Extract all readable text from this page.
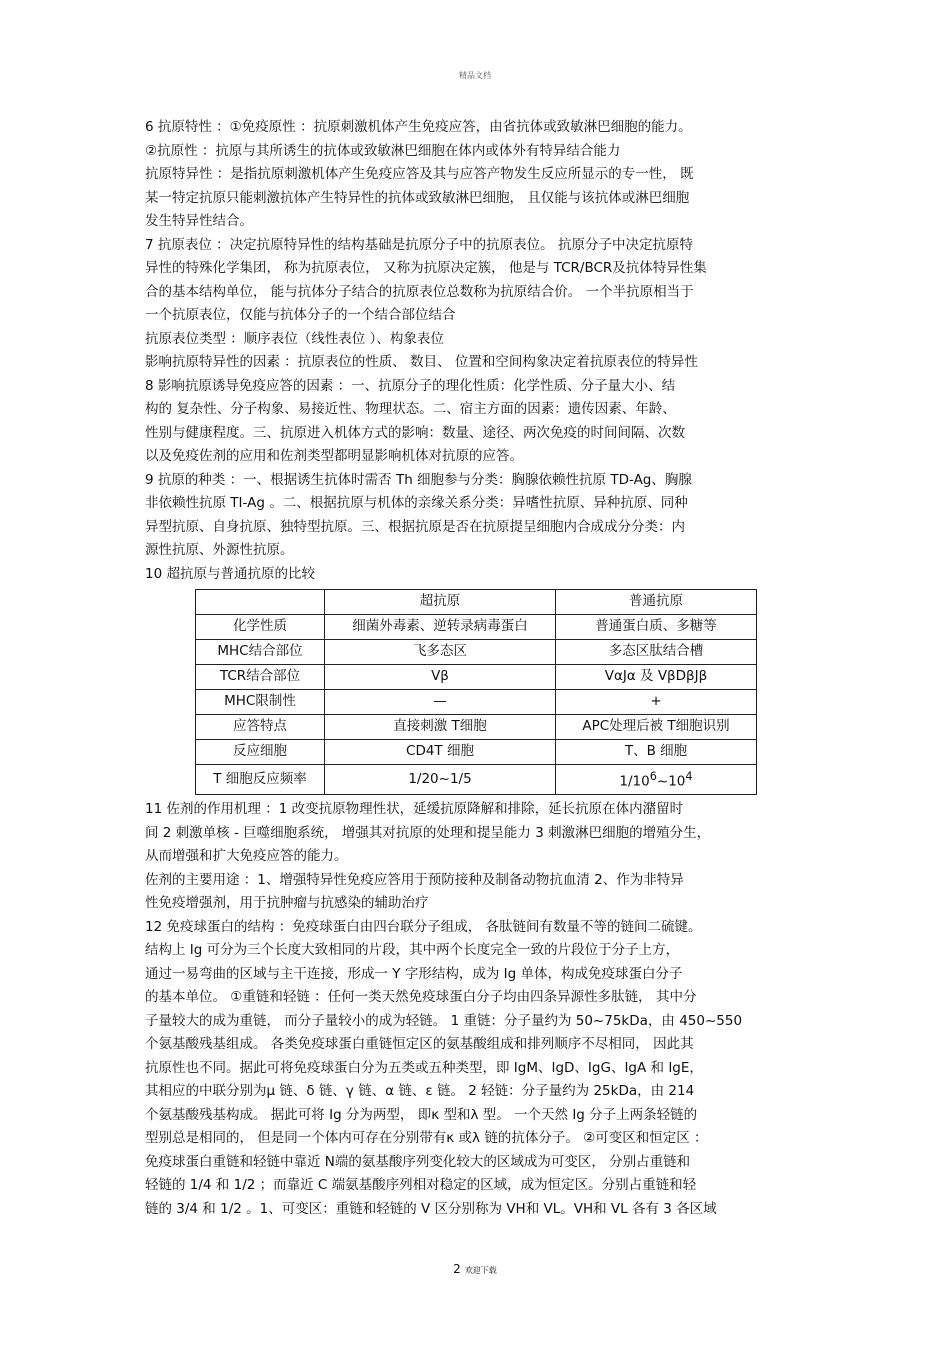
精品文档

6 抗原特性 ：①免疫原性 ：抗原刺激机体产生免疫应答，由省抗体或致敏淋巴细胞的能力。

②抗原性 ：抗原与其所诱生的抗体或致敏淋巴细胞在体内或体外有特异结合能力

抗原特异性 ：是指抗原刺激机体产生免疫应答及其与应答产物发生反应所显示的专一性， 既

某一特定抗原只能刺激抗体产生特异性的抗体或致敏淋巴细胞， 且仅能与该抗体或淋巴细胞

发生特异性结合。

7 抗原表位 ：决定抗原特异性的结构基础是抗原分子中的抗原表位。 抗原分子中决定抗原特

异性的特殊化学集团， 称为抗原表位， 又称为抗原决定簇， 他是与 TCR/BCR及抗体特异性集

合的基本结构单位， 能与抗体分子结合的抗原表位总数称为抗原结合价。 一个半抗原相当于

一个抗原表位，仅能与抗体分子的一个结合部位结合

抗原表位类型 ：顺序表位（线性表位 ）、构象表位

影响抗原特异性的因素 ：抗原表位的性质、 数目、 位置和空间构象决定着抗原表位的特异性

8 影响抗原诱导免疫应答的因素 ：一、抗原分子的理化性质：化学性质、分子量大小、结

构的 复杂性、分子构象、易接近性、物理状态。二、宿主方面的因素：遗传因素、年龄、

性别与健康程度。三、抗原进入机体方式的影响：数量、途径、两次免疫的时间间隔、次数

以及免疫佐剂的应用和佐剂类型都明显影响机体对抗原的应答。

9 抗原的种类 ：一、根据诱生抗体时需否 Th 细胞参与分类：胸腺依赖性抗原 TD-Ag、胸腺

非依赖性抗原 TI-Ag 。二、根据抗原与机体的亲缘关系分类：异嗜性抗原、异种抗原、同种

异型抗原、自身抗原、独特型抗原。三、根据抗原是否在抗原提呈细胞内合成成分分类：内

源性抗原、外源性抗原。

10 超抗原与普通抗原的比较

	超抗原	普通抗原
化学性质	细菌外毒素、逆转录病毒蛋白	普通蛋白质、多糖等
MHC结合部位	飞多态区	多态区肽结合槽
TCR结合部位	Vβ	VαJα 及 VβDβJβ
MHC限制性	—	+
应答特点	直接刺激 T细胞	APC处理后被 T细胞识别
反应细胞	CD4T 细胞	T、B 细胞
T 细胞反应频率	1/20~1/5	$1/10^6\sim 10^4$

11 佐剂的作用机理 ：1 改变抗原物理性状，延缓抗原降解和排除，延长抗原在体内潴留时

间 2 刺激单核 - 巨噬细胞系统， 增强其对抗原的处理和提呈能力 3 刺激淋巴细胞的增殖分生，

从而增强和扩大免疫应答的能力。

佐剂的主要用途 ：1、增强特异性免疫应答用于预防接种及制备动物抗血清 2、作为非特异

性免疫增强剂，用于抗肿瘤与抗感染的辅助治疗

12 免疫球蛋白的结构 ：免疫球蛋白由四台联分子组成， 各肽链间有数量不等的链间二硫键。

结构上 Ig 可分为三个长度大致相同的片段，其中两个长度完全一致的片段位于分子上方，

通过一易弯曲的区域与主干连接，形成一 Y 字形结构，成为 Ig 单体，构成免疫球蛋白分子

的基本单位。 ①重链和轻链 ：任何一类天然免疫球蛋白分子均由四条异源性多肽链， 其中分

子量较大的成为重链， 而分子量较小的成为轻链。 1 重链：分子量约为 50~75kDa，由 450~550

个氨基酸残基组成。 各类免疫球蛋白重链恒定区的氨基酸组成和排列顺序不尽相同， 因此其

抗原性也不同。据此可将免疫球蛋白分为五类或五种类型，即 IgM、IgD、IgG、IgA 和 IgE，

其相应的中联分别为μ 链、δ 链、γ 链、α 链、ε 链。 2 轻链：分子量约为 25kDa，由 214

个氨基酸残基构成。 据此可将 Ig 分为两型， 即κ 型和λ 型。 一个天然 Ig 分子上两条轻链的

型别总是相同的， 但是同一个体内可存在分别带有κ 或λ 链的抗体分子。 ②可变区和恒定区 ：

免疫球蛋白重链和轻链中靠近 N端的氨基酸序列变化较大的区域成为可变区， 分别占重链和

轻链的 1/4 和 1/2 ；而靠近 C 端氨基酸序列相对稳定的区域，成为恒定区。分别占重链和轻

链的 3/4 和 1/2 。1、可变区：重链和轻链的 V 区分别称为 VH和 VL。VH和 VL 各有 3 各区域

2 欢迎下载
